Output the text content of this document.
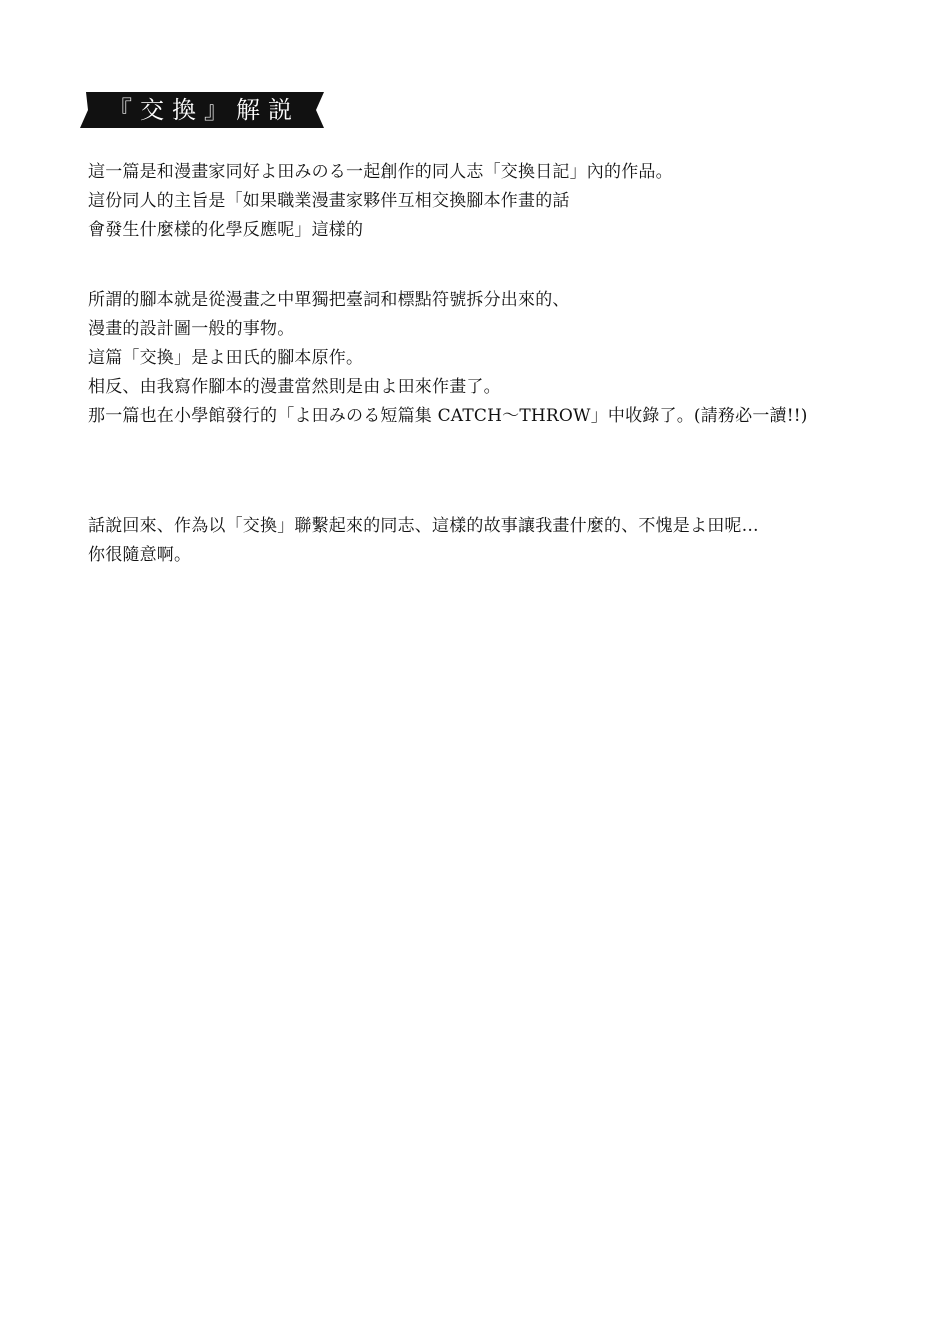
『交換』解説
這一篇是和漫畫家同好よ田みのる一起創作的同人志「交換日記」內的作品。
這份同人的主旨是「如果職業漫畫家夥伴互相交換腳本作畫的話
會發生什麼樣的化學反應呢」這樣的
所謂的腳本就是從漫畫之中單獨把臺詞和標點符號拆分出來的、
漫畫的設計圖一般的事物。
這篇「交換」是よ田氏的腳本原作。
相反、由我寫作腳本的漫畫當然則是由よ田來作畫了。
那一篇也在小學館發行的「よ田みのる短篇集 CATCH〜THROW」中收錄了。(請務必一讀!!)
話說回來、作為以「交換」聯繫起來的同志、這樣的故事讓我畫什麼的、不愧是よ田呢…
你很隨意啊。
